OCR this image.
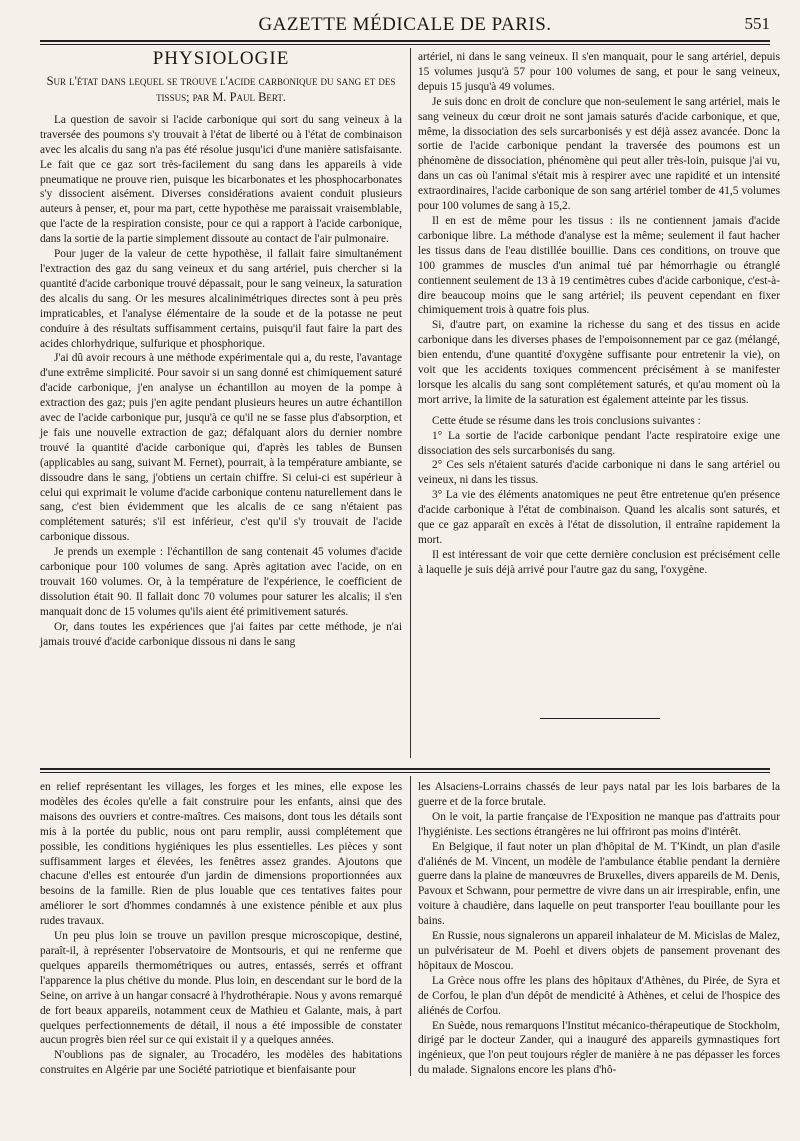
GAZETTE MÉDICALE DE PARIS.	551
PHYSIOLOGIE
Sur l'état dans lequel se trouve l'acide carbonique du sang et des tissus; par M. Paul Bert.

La question de savoir si l'acide carbonique qui sort du sang veineux à la traversée des poumons s'y trouvait à l'état de liberté ou à l'état de combinaison avec les alcalis du sang n'a pas été résolue jusqu'ici d'une manière satisfaisante. Le fait que ce gaz sort très-facilement du sang dans les appareils à vide pneumatique ne prouve rien, puisque les bicarbonates et les phosphocarbonates s'y dissocient aisément. Diverses considérations avaient conduit plusieurs auteurs à penser, et, pour ma part, cette hypothèse me paraissait vraisemblable, que l'acte de la respiration consiste, pour ce qui a rapport à l'acide carbonique, dans la sortie de la partie simplement dissoute au contact de l'air pulmonaire.

Pour juger de la valeur de cette hypothèse, il fallait faire simultanément l'extraction des gaz du sang veineux et du sang artériel, puis chercher si la quantité d'acide carbonique trouvé dépassait, pour le sang veineux, la saturation des alcalis du sang. Or les mesures alcalinimétriques directes sont à peu près impraticables, et l'analyse élémentaire de la soude et de la potasse ne peut conduire à des résultats suffisamment certains, puisqu'il faut faire la part des acides chlorhydrique, sulfurique et phosphorique.

J'ai dû avoir recours à une méthode expérimentale qui a, du reste, l'avantage d'une extrême simplicité. Pour savoir si un sang donné est chimiquement saturé d'acide carbonique, j'en analyse un échantillon au moyen de la pompe à extraction des gaz; puis j'en agite pendant plusieurs heures un autre échantillon avec de l'acide carbonique pur, jusqu'à ce qu'il ne se fasse plus d'absorption, et je fais une nouvelle extraction de gaz; défalquant alors du dernier nombre trouvé la quantité d'acide carbonique qui, d'après les tables de Bunsen (applicables au sang, suivant M. Fernet), pourrait, à la température ambiante, se dissoudre dans le sang, j'obtiens un certain chiffre. Si celui-ci est supérieur à celui qui exprimait le volume d'acide carbonique contenu naturellement dans le sang, c'est bien évidemment que les alcalis de ce sang n'étaient pas complétement saturés; s'il est inférieur, c'est qu'il s'y trouvait de l'acide carbonique dissous.

Je prends un exemple : l'échantillon de sang contenait 45 volumes d'acide carbonique pour 100 volumes de sang. Après agitation avec l'acide, on en trouvait 160 volumes. Or, à la température de l'expérience, le coefficient de dissolution était 90. Il fallait donc 70 volumes pour saturer les alcalis; il s'en manquait donc de 15 volumes qu'ils aient été primitivement saturés.

Or, dans toutes les expériences que j'ai faites par cette méthode, je n'ai jamais trouvé d'acide carbonique dissous ni dans le sang

artériel, ni dans le sang veineux. Il s'en manquait, pour le sang artériel, depuis 15 volumes jusqu'à 57 pour 100 volumes de sang, et pour le sang veineux, depuis 15 jusqu'à 49 volumes.

Je suis donc en droit de conclure que non-seulement le sang artériel, mais le sang veineux du cœur droit ne sont jamais saturés d'acide carbonique, et que, même, la dissociation des sels surcarbonisés y est déjà assez avancée. Donc la sortie de l'acide carbonique pendant la traversée des poumons est un phénomène de dissociation, phénomène qui peut aller très-loin, puisque j'ai vu, dans un cas où l'animal s'était mis à respirer avec une rapidité et un intensité extraordinaires, l'acide carbonique de son sang artériel tomber de 41,5 volumes pour 100 volumes de sang à 15,2.

Il en est de même pour les tissus : ils ne contiennent jamais d'acide carbonique libre. La méthode d'analyse est la même; seulement il faut hacher les tissus dans de l'eau distillée bouillie. Dans ces conditions, on trouve que 100 grammes de muscles d'un animal tué par hémorrhagie ou étranglé contiennent seulement de 13 à 19 centimètres cubes d'acide carbonique, c'est-à-dire beaucoup moins que le sang artériel; ils peuvent cependant en fixer chimiquement trois à quatre fois plus.

Si, d'autre part, on examine la richesse du sang et des tissus en acide carbonique dans les diverses phases de l'empoisonnement par ce gaz (mélangé, bien entendu, d'une quantité d'oxygène suffisante pour entretenir la vie), on voit que les accidents toxiques commencent précisément à se manifester lorsque les alcalis du sang sont complétement saturés, et qu'au moment où la mort arrive, la limite de la saturation est également atteinte par les tissus.

Cette étude se résume dans les trois conclusions suivantes :

1° La sortie de l'acide carbonique pendant l'acte respiratoire exige une dissociation des sels surcarbonisés du sang.

2° Ces sels n'étaient saturés d'acide carbonique ni dans le sang artériel ou veineux, ni dans les tissus.

3° La vie des éléments anatomiques ne peut être entretenue qu'en présence d'acide carbonique à l'état de combinaison. Quand les alcalis sont saturés, et que ce gaz apparaît en excès à l'état de dissolution, il entraîne rapidement la mort.

Il est intéressant de voir que cette dernière conclusion est précisément celle à laquelle je suis déjà arrivé pour l'autre gaz du sang, l'oxygène.

en relief représentant les villages, les forges et les mines, elle expose les modèles des écoles qu'elle a fait construire pour les enfants, ainsi que des maisons des ouvriers et contre-maîtres. Ces maisons, dont tous les détails sont mis à la portée du public, nous ont paru remplir, aussi complétement que possible, les conditions hygiéniques les plus essentielles. Les pièces y sont suffisamment larges et élevées, les fenêtres assez grandes. Ajoutons que chacune d'elles est entourée d'un jardin de dimensions proportionnées aux besoins de la famille. Rien de plus louable que ces tentatives faites pour améliorer le sort d'hommes condamnés à une existence pénible et aux plus rudes travaux.

Un peu plus loin se trouve un pavillon presque microscopique, destiné, paraît-il, à représenter l'observatoire de Montsouris, et qui ne renferme que quelques appareils thermométriques ou autres, entassés, serrés et offrant l'apparence la plus chétive du monde. Plus loin, en descendant sur le bord de la Seine, on arrive à un hangar consacré à l'hydrothérapie. Nous y avons remarqué de fort beaux appareils, notamment ceux de Mathieu et Galante, mais, à part quelques perfectionnements de détail, il nous a été impossible de constater aucun progrès bien réel sur ce qui existait il y a quelques années.

N'oublions pas de signaler, au Trocadéro, les modèles des habitations construites en Algérie par une Société patriotique et bienfaisante pour

les Alsaciens-Lorrains chassés de leur pays natal par les lois barbares de la guerre et de la force brutale.

On le voit, la partie française de l'Exposition ne manque pas d'attraits pour l'hygiéniste. Les sections étrangères ne lui offriront pas moins d'intérêt.

En Belgique, il faut noter un plan d'hôpital de M. T'Kindt, un plan d'asile d'aliénés de M. Vincent, un modèle de l'ambulance établie pendant la dernière guerre dans la plaine de manœuvres de Bruxelles, divers appareils de M. Denis, Pavoux et Schwann, pour permettre de vivre dans un air irrespirable, enfin, une voiture à chaudière, dans laquelle on peut transporter l'eau bouillante pour les bains.

En Russie, nous signalerons un appareil inhalateur de M. Micislas de Malez, un pulvérisateur de M. Poehl et divers objets de pansement provenant des hôpitaux de Moscou.

La Grèce nous offre les plans des hôpitaux d'Athènes, du Pirée, de Syra et de Corfou, le plan d'un dépôt de mendicité à Athènes, et celui de l'hospice des aliénés de Corfou.

En Suède, nous remarquons l'Institut mécanico-thérapeutique de Stockholm, dirigé par le docteur Zander, qui a inauguré des appareils gymnastiques fort ingénieux, que l'on peut toujours régler de manière à ne pas dépasser les forces du malade. Signalons encore les plans d'hô-
